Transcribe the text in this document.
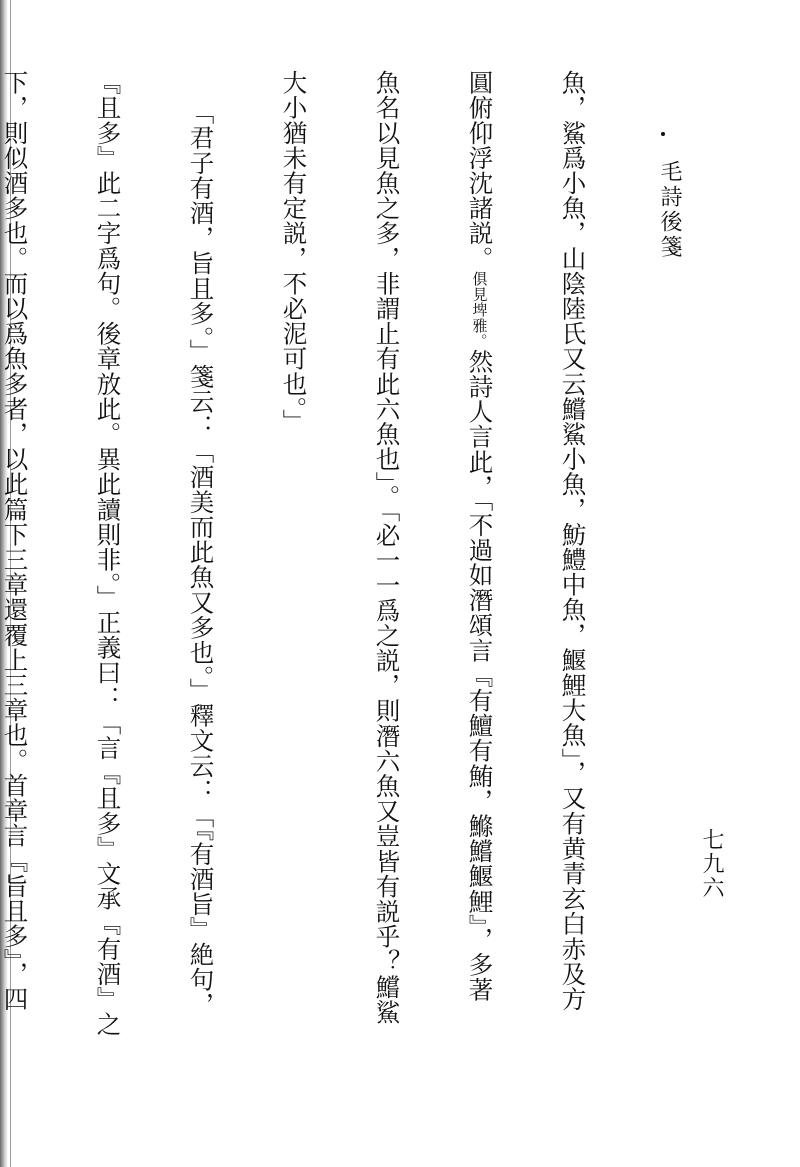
毛詩後箋
七九六

魚，鯊爲小魚，山陰陸氏又云鱨鯊小魚，魴鱧中魚，鰋鯉大魚」，又有黄青玄白赤及方

圓俯仰浮沈諸説。俱見埤雅。然詩人言此，「不過如潛頌言『有鱣有鮪，鰷鱨鰋鯉』，多著

魚名以見魚之多，非謂止有此六魚也」。「必一一爲之説，則潛六魚又豈皆有説乎？鱨鯊

大小猶未有定説，不必泥可也。」

「君子有酒，旨且多。」箋云：「酒美而此魚又多也。」釋文云：「『有酒旨』絶句，

『且多』此二字爲句。後章放此。異此讀則非。」正義曰：「言『且多』文承『有酒』之

下，則似酒多也。而以爲魚多者，以此篇下三章還覆上三章也。首章言『旨且多』，四
